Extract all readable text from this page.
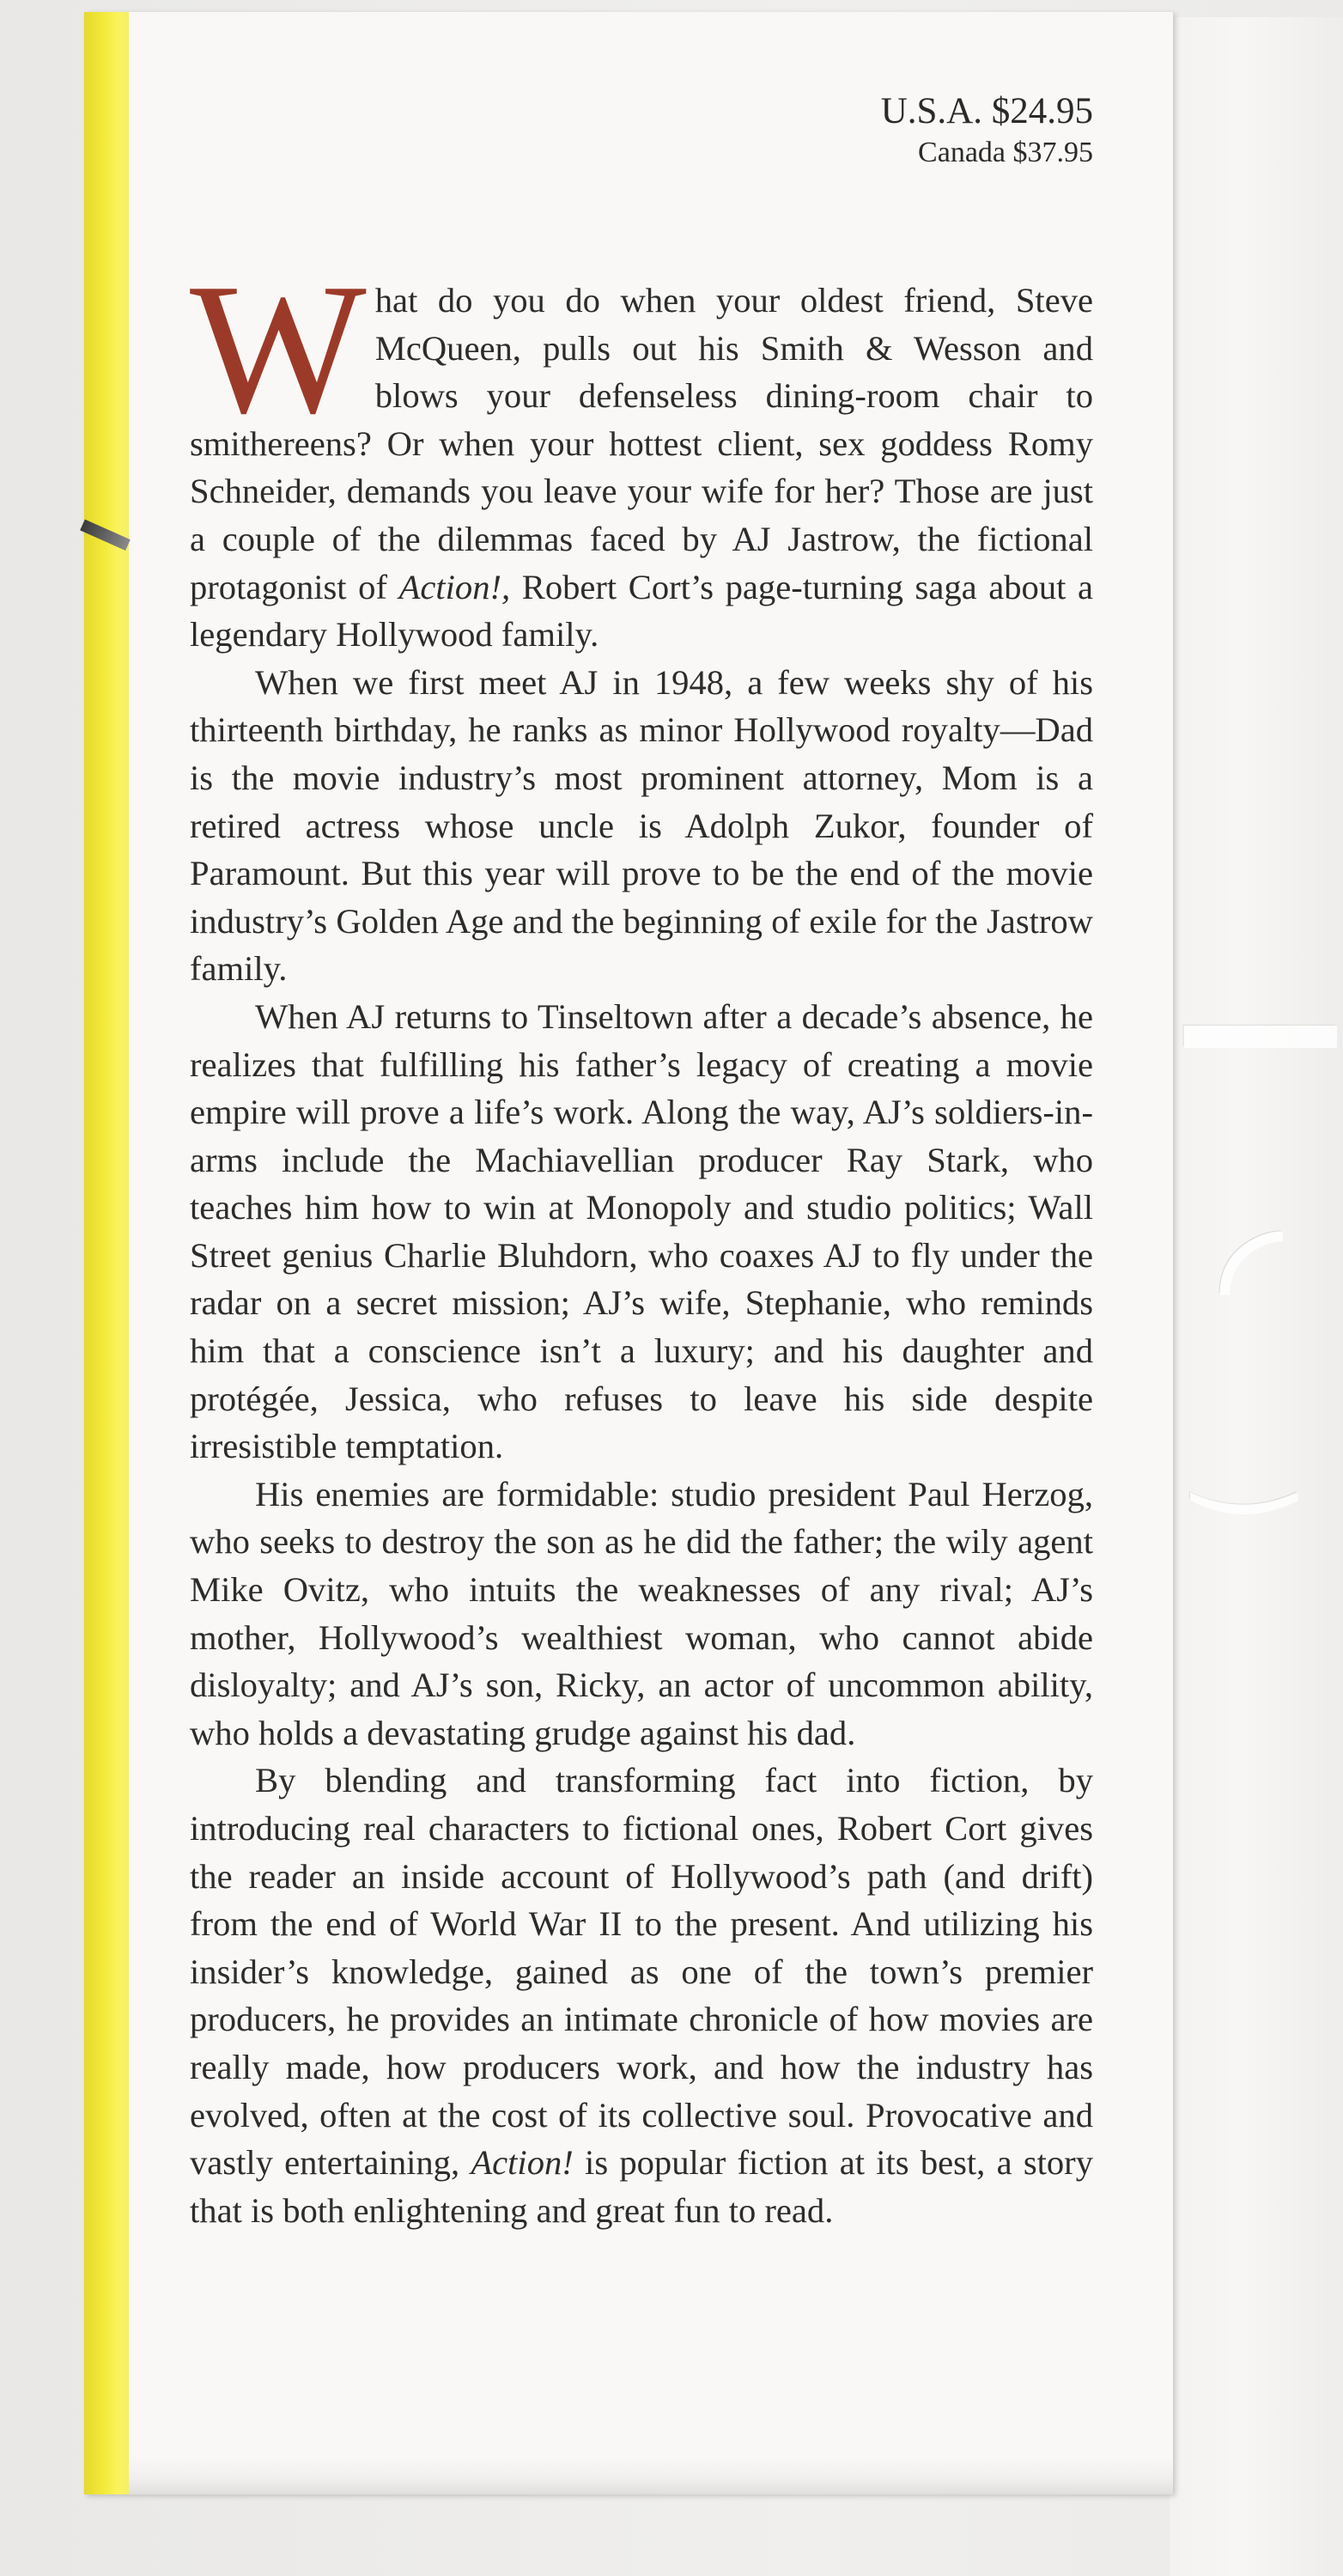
━━
◜
‿
U.S.A. $24.95
Canada $37.95

What do you do when your oldest friend, Steve McQueen, pulls out his Smith & Wesson and blows your defenseless dining-room chair to smithereens? Or when your hottest client, sex goddess Romy Schneider, demands you leave your wife for her? Those are just a couple of the dilemmas faced by AJ Jastrow, the fictional protagonist of Action!, Robert Cort’s page-turning saga about a legendary Hollywood family.

When we first meet AJ in 1948, a few weeks shy of his thirteenth birthday, he ranks as minor Hollywood royalty—Dad is the movie industry’s most prominent attorney, Mom is a retired actress whose uncle is Adolph Zukor, founder of Paramount. But this year will prove to be the end of the movie industry’s Golden Age and the beginning of exile for the Jastrow family.

When AJ returns to Tinseltown after a decade’s absence, he realizes that fulfilling his father’s legacy of creating a movie empire will prove a life’s work. Along the way, AJ’s soldiers-in-arms include the Machiavellian producer Ray Stark, who teaches him how to win at Monopoly and studio politics; Wall Street genius Charlie Bluhdorn, who coaxes AJ to fly under the radar on a secret mission; AJ’s wife, Stephanie, who reminds him that a conscience isn’t a luxury; and his daughter and protégée, Jessica, who refuses to leave his side despite irresistible temptation.

His enemies are formidable: studio president Paul Herzog, who seeks to destroy the son as he did the father; the wily agent Mike Ovitz, who intuits the weaknesses of any rival; AJ’s mother, Hollywood’s wealthiest woman, who cannot abide disloyalty; and AJ’s son, Ricky, an actor of uncommon ability, who holds a devastating grudge against his dad.

By blending and transforming fact into fiction, by introducing real characters to fictional ones, Robert Cort gives the reader an inside account of Hollywood’s path (and drift) from the end of World War II to the present. And utilizing his insider’s knowledge, gained as one of the town’s premier producers, he provides an intimate chronicle of how movies are really made, how producers work, and how the industry has evolved, often at the cost of its collective soul. Provocative and vastly entertaining, Action! is popular fiction at its best, a story that is both enlightening and great fun to read.
